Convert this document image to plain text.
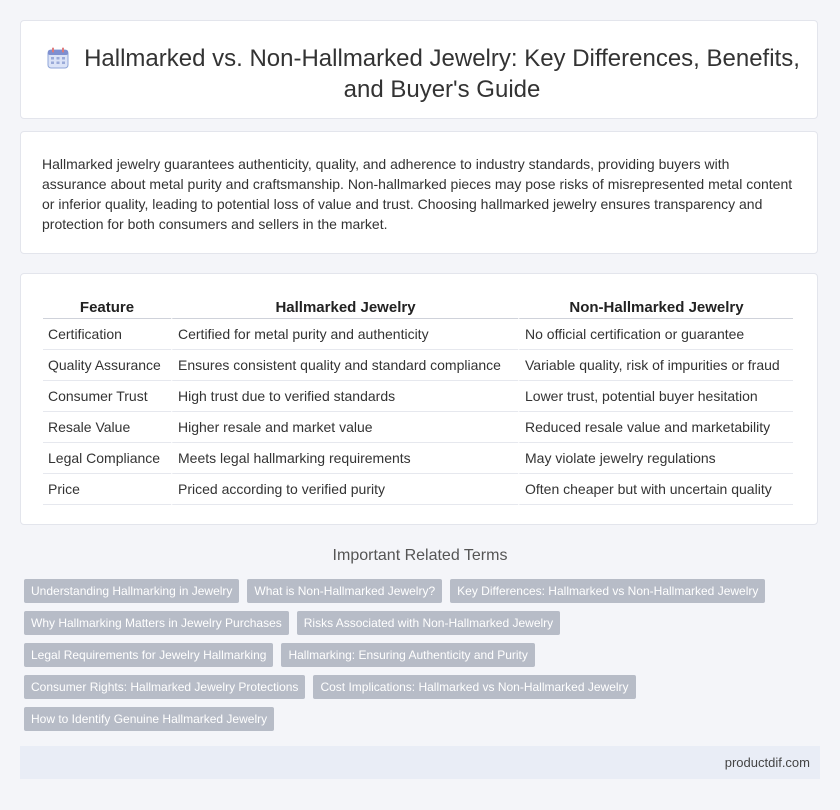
Hallmarked vs. Non-Hallmarked Jewelry: Key Differences, Benefits, and Buyer's Guide

Hallmarked jewelry guarantees authenticity, quality, and adherence to industry standards, providing buyers with assurance about metal purity and craftsmanship. Non-hallmarked pieces may pose risks of misrepresented metal content or inferior quality, leading to potential loss of value and trust. Choosing hallmarked jewelry ensures transparency and protection for both consumers and sellers in the market.

Feature	Hallmarked Jewelry	Non-Hallmarked Jewelry
Certification	Certified for metal purity and authenticity	No official certification or guarantee
Quality Assurance	Ensures consistent quality and standard compliance	Variable quality, risk of impurities or fraud
Consumer Trust	High trust due to verified standards	Lower trust, potential buyer hesitation
Resale Value	Higher resale and market value	Reduced resale value and marketability
Legal Compliance	Meets legal hallmarking requirements	May violate jewelry regulations
Price	Priced according to verified purity	Often cheaper but with uncertain quality
Important Related Terms
Understanding Hallmarking in Jewelry	What is Non-Hallmarked Jewelry?	Key Differences: Hallmarked vs Non-Hallmarked Jewelry
Why Hallmarking Matters in Jewelry Purchases	Risks Associated with Non-Hallmarked Jewelry
Legal Requirements for Jewelry Hallmarking	Hallmarking: Ensuring Authenticity and Purity
Consumer Rights: Hallmarked Jewelry Protections	Cost Implications: Hallmarked vs Non-Hallmarked Jewelry
How to Identify Genuine Hallmarked Jewelry
productdif.com
